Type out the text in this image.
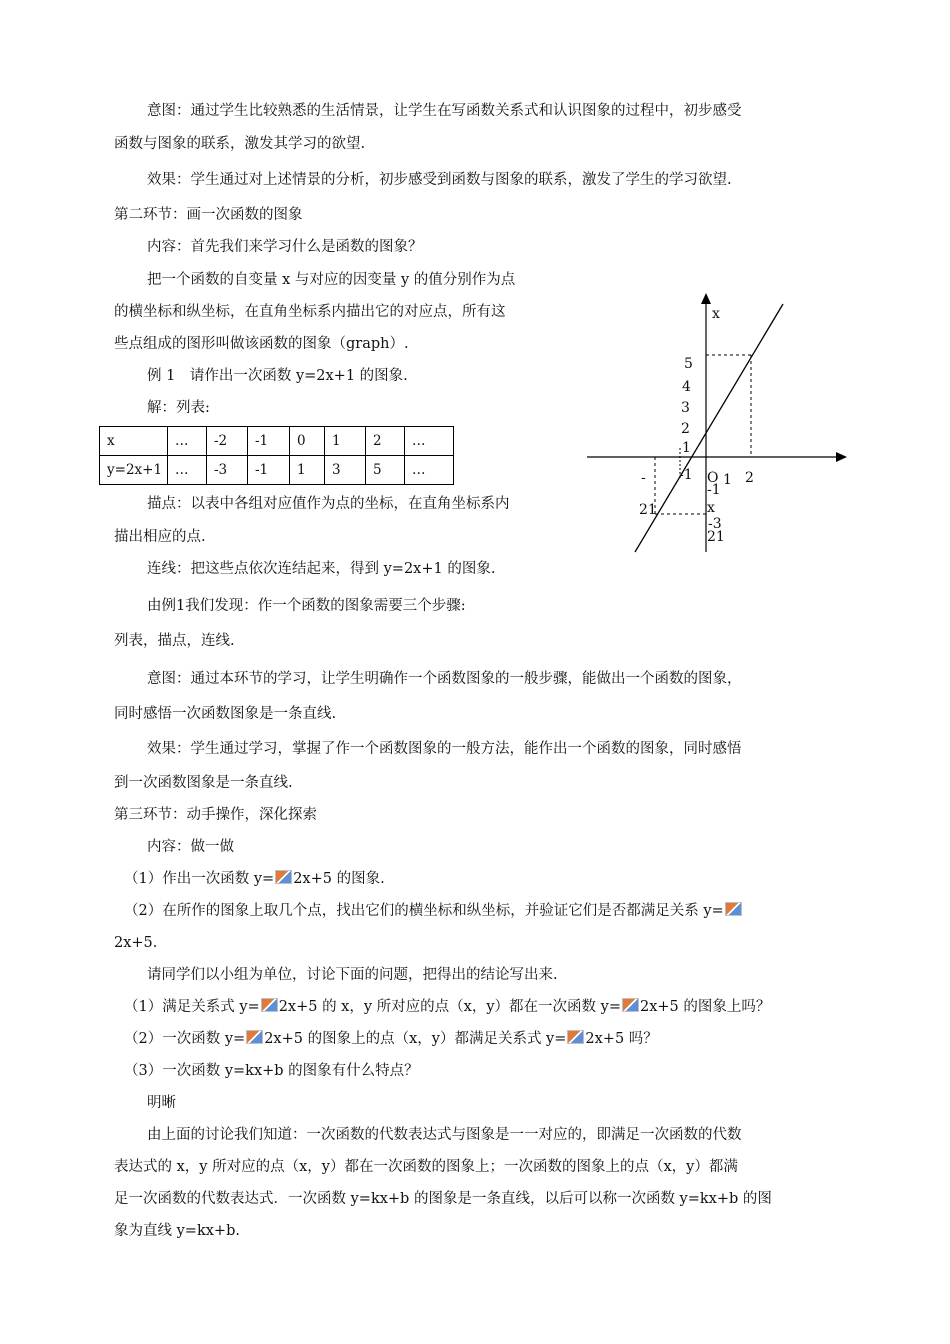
意图：通过学生比较熟悉的生活情景，让学生在写函数关系式和认识图象的过程中，初步感受
函数与图象的联系，激发其学习的欲望.
效果：学生通过对上述情景的分析，初步感受到函数与图象的联系，激发了学生的学习欲望.
第二环节：画一次函数的图象
内容：首先我们来学习什么是函数的图象？
把一个函数的自变量 x 与对应的因变量 y 的值分别作为点
的横坐标和纵坐标，在直角坐标系内描出它的对应点，所有这
些点组成的图形叫做该函数的图象（graph）.
例 1　请作出一次函数 y=2x+1 的图象.
解：列表:
x	…	-2	-1	0	1	2	…
y=2x+1	…	-3	-1	1	3	5	…
描点：以表中各组对应值作为点的坐标，在直角坐标系内
描出相应的点.
连线：把这些点依次连结起来，得到 y=2x+1 的图象.
由例1我们发现：作一个函数的图象需要三个步骤:
列表，描点，连线.
意图：通过本环节的学习，让学生明确作一个函数图象的一般步骤，能做出一个函数的图象，
同时感悟一次函数图象是一条直线.
效果：学生通过学习，掌握了作一个函数图象的一般方法，能作出一个函数的图象，同时感悟
到一次函数图象是一条直线.
第三环节：动手操作，深化探索
内容：做一做
（1）作出一次函数 y= 2x+5 的图象.
（2）在所作的图象上取几个点，找出它们的横坐标和纵坐标，并验证它们是否都满足关系 y=
2x+5.
请同学们以小组为单位，讨论下面的问题，把得出的结论写出来.
（1）满足关系式 y= 2x+5 的 x，y 所对应的点（x，y）都在一次函数 y= 2x+5 的图象上吗？
（2）一次函数 y= 2x+5 的图象上的点（x，y）都满足关系式 y= 2x+5 吗？
（3）一次函数 y=kx+b 的图象有什么特点？
明晰
由上面的讨论我们知道：一次函数的代数表达式与图象是一一对应的，即满足一次函数的代数
表达式的 x，y 所对应的点（x，y）都在一次函数的图象上；一次函数的图象上的点（x，y）都满
足一次函数的代数表达式．一次函数 y=kx+b 的图象是一条直线，以后可以称一次函数 y=kx+b 的图
象为直线 y=kx+b.
x
5
4
3
2
1
1 2
O
- -1
-1
x
-3
21
21
